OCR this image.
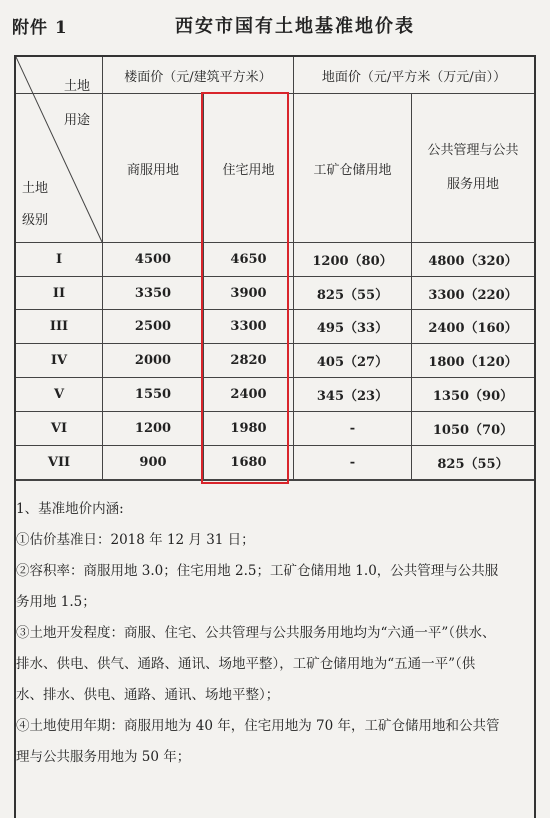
附件 1	西安市国有土地基准地价表
土地
用途
土地
级别
楼面价（元/建筑平方米）	地面价（元/平方米（万元/亩））
商服用地	住宅用地	工矿仓储用地
公共管理与公共
服务用地
I	4500	4650	1200（80）	4800（320）
II	3350	3900	825（55）	3300（220）
III	2500	3300	495（33）	2400（160）
IV	2000	2820	405（27）	1800（120）
V	1550	2400	345（23）	1350（90）
VI	1200	1980	-	1050（70）
VII	900	1680	-	825（55）

1、基准地价内涵:

①估价基准日：2018 年 12 月 31 日；

②容积率：商服用地 3.0；住宅用地 2.5；工矿仓储用地 1.0，公共管理与公共服

务用地 1.5；

③土地开发程度：商服、住宅、公共管理与公共服务用地均为“六通一平”（供水、

排水、供电、供气、通路、通讯、场地平整），工矿仓储用地为“五通一平”（供

水、排水、供电、通路、通讯、场地平整）；

④土地使用年期：商服用地为 40 年，住宅用地为 70 年，工矿仓储用地和公共管

理与公共服务用地为 50 年；
